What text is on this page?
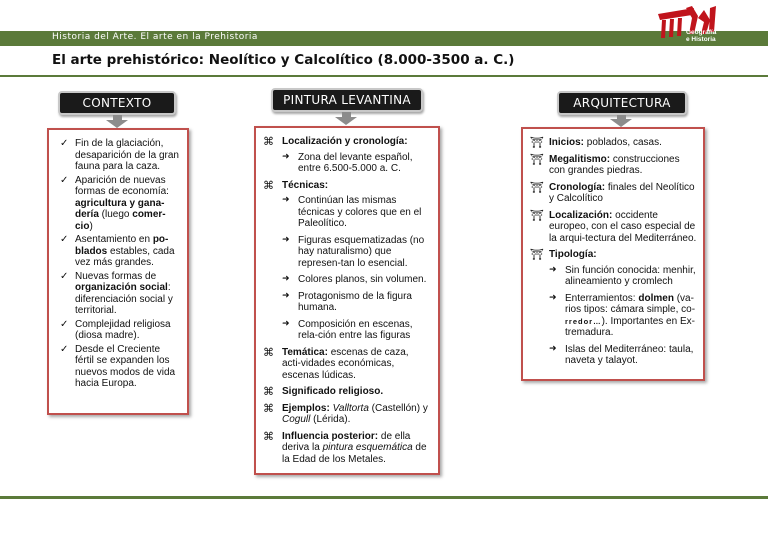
Historia del Arte. El arte en la Prehistoria	Geografía
e Historia
El arte prehistórico: Neolítico y Calcolítico (8.000-3500 a. C.)
CONTEXTO
✓ Fin de la glaciación, desaparición de la gran fauna para la caza.
✓ Aparición de nuevas formas de economía: agricultura y gana-dería (luego comer-cio)
✓ Asentamiento en po-blados estables, cada vez más grandes.
✓ Nuevas formas de organización social: diferenciación social y territorial.
✓ Complejidad religiosa (diosa madre).
✓ Desde el Creciente fértil se expanden los nuevos modos de vida hacia Europa.
PINTURA LEVANTINA
⌘ Localización y cronología:
➜ Zona del levante español, entre 6.500-5.000 a. C.
⌘ Técnicas:
➜ Continúan las mismas técnicas y colores que en el Paleolítico.
➜ Figuras esquematizadas (no hay naturalismo) que represen-tan lo esencial.
➜ Colores planos, sin volumen.
➜ Protagonismo de la figura humana.
➜ Composición en escenas, rela-ción entre las figuras
⌘ Temática: escenas de caza, acti-vidades económicas, escenas lúdicas.
⌘ Significado religioso.
⌘ Ejemplos: Valltorta (Castellón) y Cogull (Lérida).
⌘ Influencia posterior: de ella deriva la pintura esquemática de la Edad de los Metales.
ARQUITECTURA
⛩ Inicios: poblados, casas.
⛩ Megalitismo: construcciones con grandes piedras.
⛩ Cronología: finales del Neolítico y Calcolítico
⛩ Localización: occidente europeo, con el caso especial de la arqui-tectura del Mediterráneo.
⛩ Tipología:
➜ Sin función conocida: menhir, alineamiento y cromlech
➜ Enterramientos: dolmen (va-rios tipos: cámara simple, co-rredor…). Importantes en Ex-tremadura.
➜ Islas del Mediterráneo: taula, naveta y talayot.
